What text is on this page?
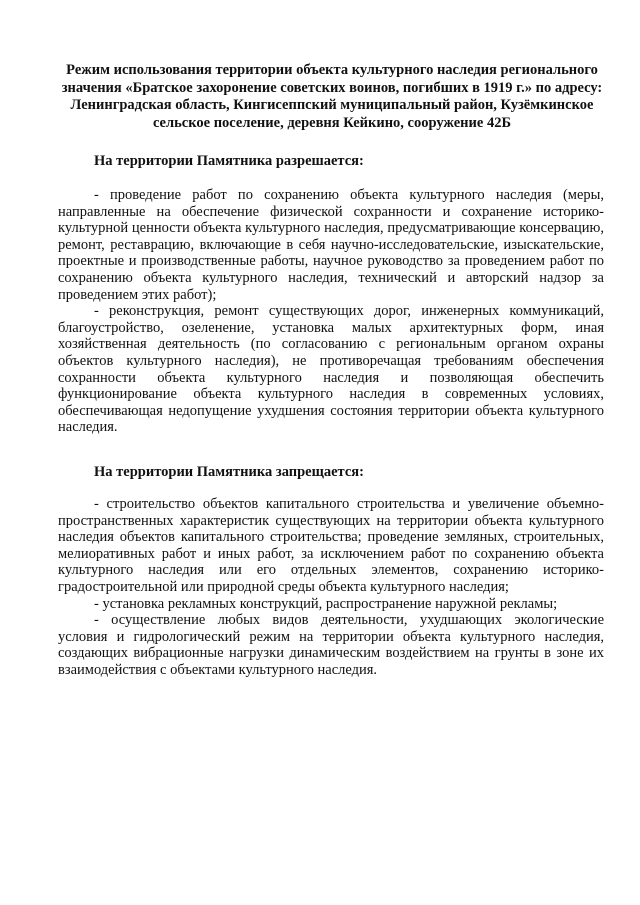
Режим использования территории объекта культурного наследия регионального значения «Братское захоронение советских воинов, погибших в 1919 г.» по адресу: Ленинградская область, Кингисеппский муниципальный район, Кузёмкинское сельское поселение, деревня Кейкино, сооружение 42Б
На территории Памятника разрешается:

- проведение работ по сохранению объекта культурного наследия (меры, направленные на обеспечение физической сохранности и сохранение историко-культурной ценности объекта культурного наследия, предусматривающие консервацию, ремонт, реставрацию, включающие в себя научно-исследовательские, изыскательские, проектные и производственные работы, научное руководство за проведением работ по сохранению объекта культурного наследия, технический и авторский надзор за проведением этих работ);

- реконструкция, ремонт существующих дорог, инженерных коммуникаций, благоустройство, озеленение, установка малых архитектурных форм, иная хозяйственная деятельность (по согласованию с региональным органом охраны объектов культурного наследия), не противоречащая требованиям обеспечения сохранности объекта культурного наследия и позволяющая обеспечить функционирование объекта культурного наследия в современных условиях, обеспечивающая недопущение ухудшения состояния территории объекта культурного наследия.

На территории Памятника запрещается:

- строительство объектов капитального строительства и увеличение объемно-пространственных характеристик существующих на территории объекта культурного наследия объектов капитального строительства; проведение земляных, строительных, мелиоративных работ и иных работ, за исключением работ по сохранению объекта культурного наследия или его отдельных элементов, сохранению историко-градостроительной или природной среды объекта культурного наследия;

- установка рекламных конструкций, распространение наружной рекламы;

- осуществление любых видов деятельности, ухудшающих экологические условия и гидрологический режим на территории объекта культурного наследия, создающих вибрационные нагрузки динамическим воздействием на грунты в зоне их взаимодействия с объектами культурного наследия.
